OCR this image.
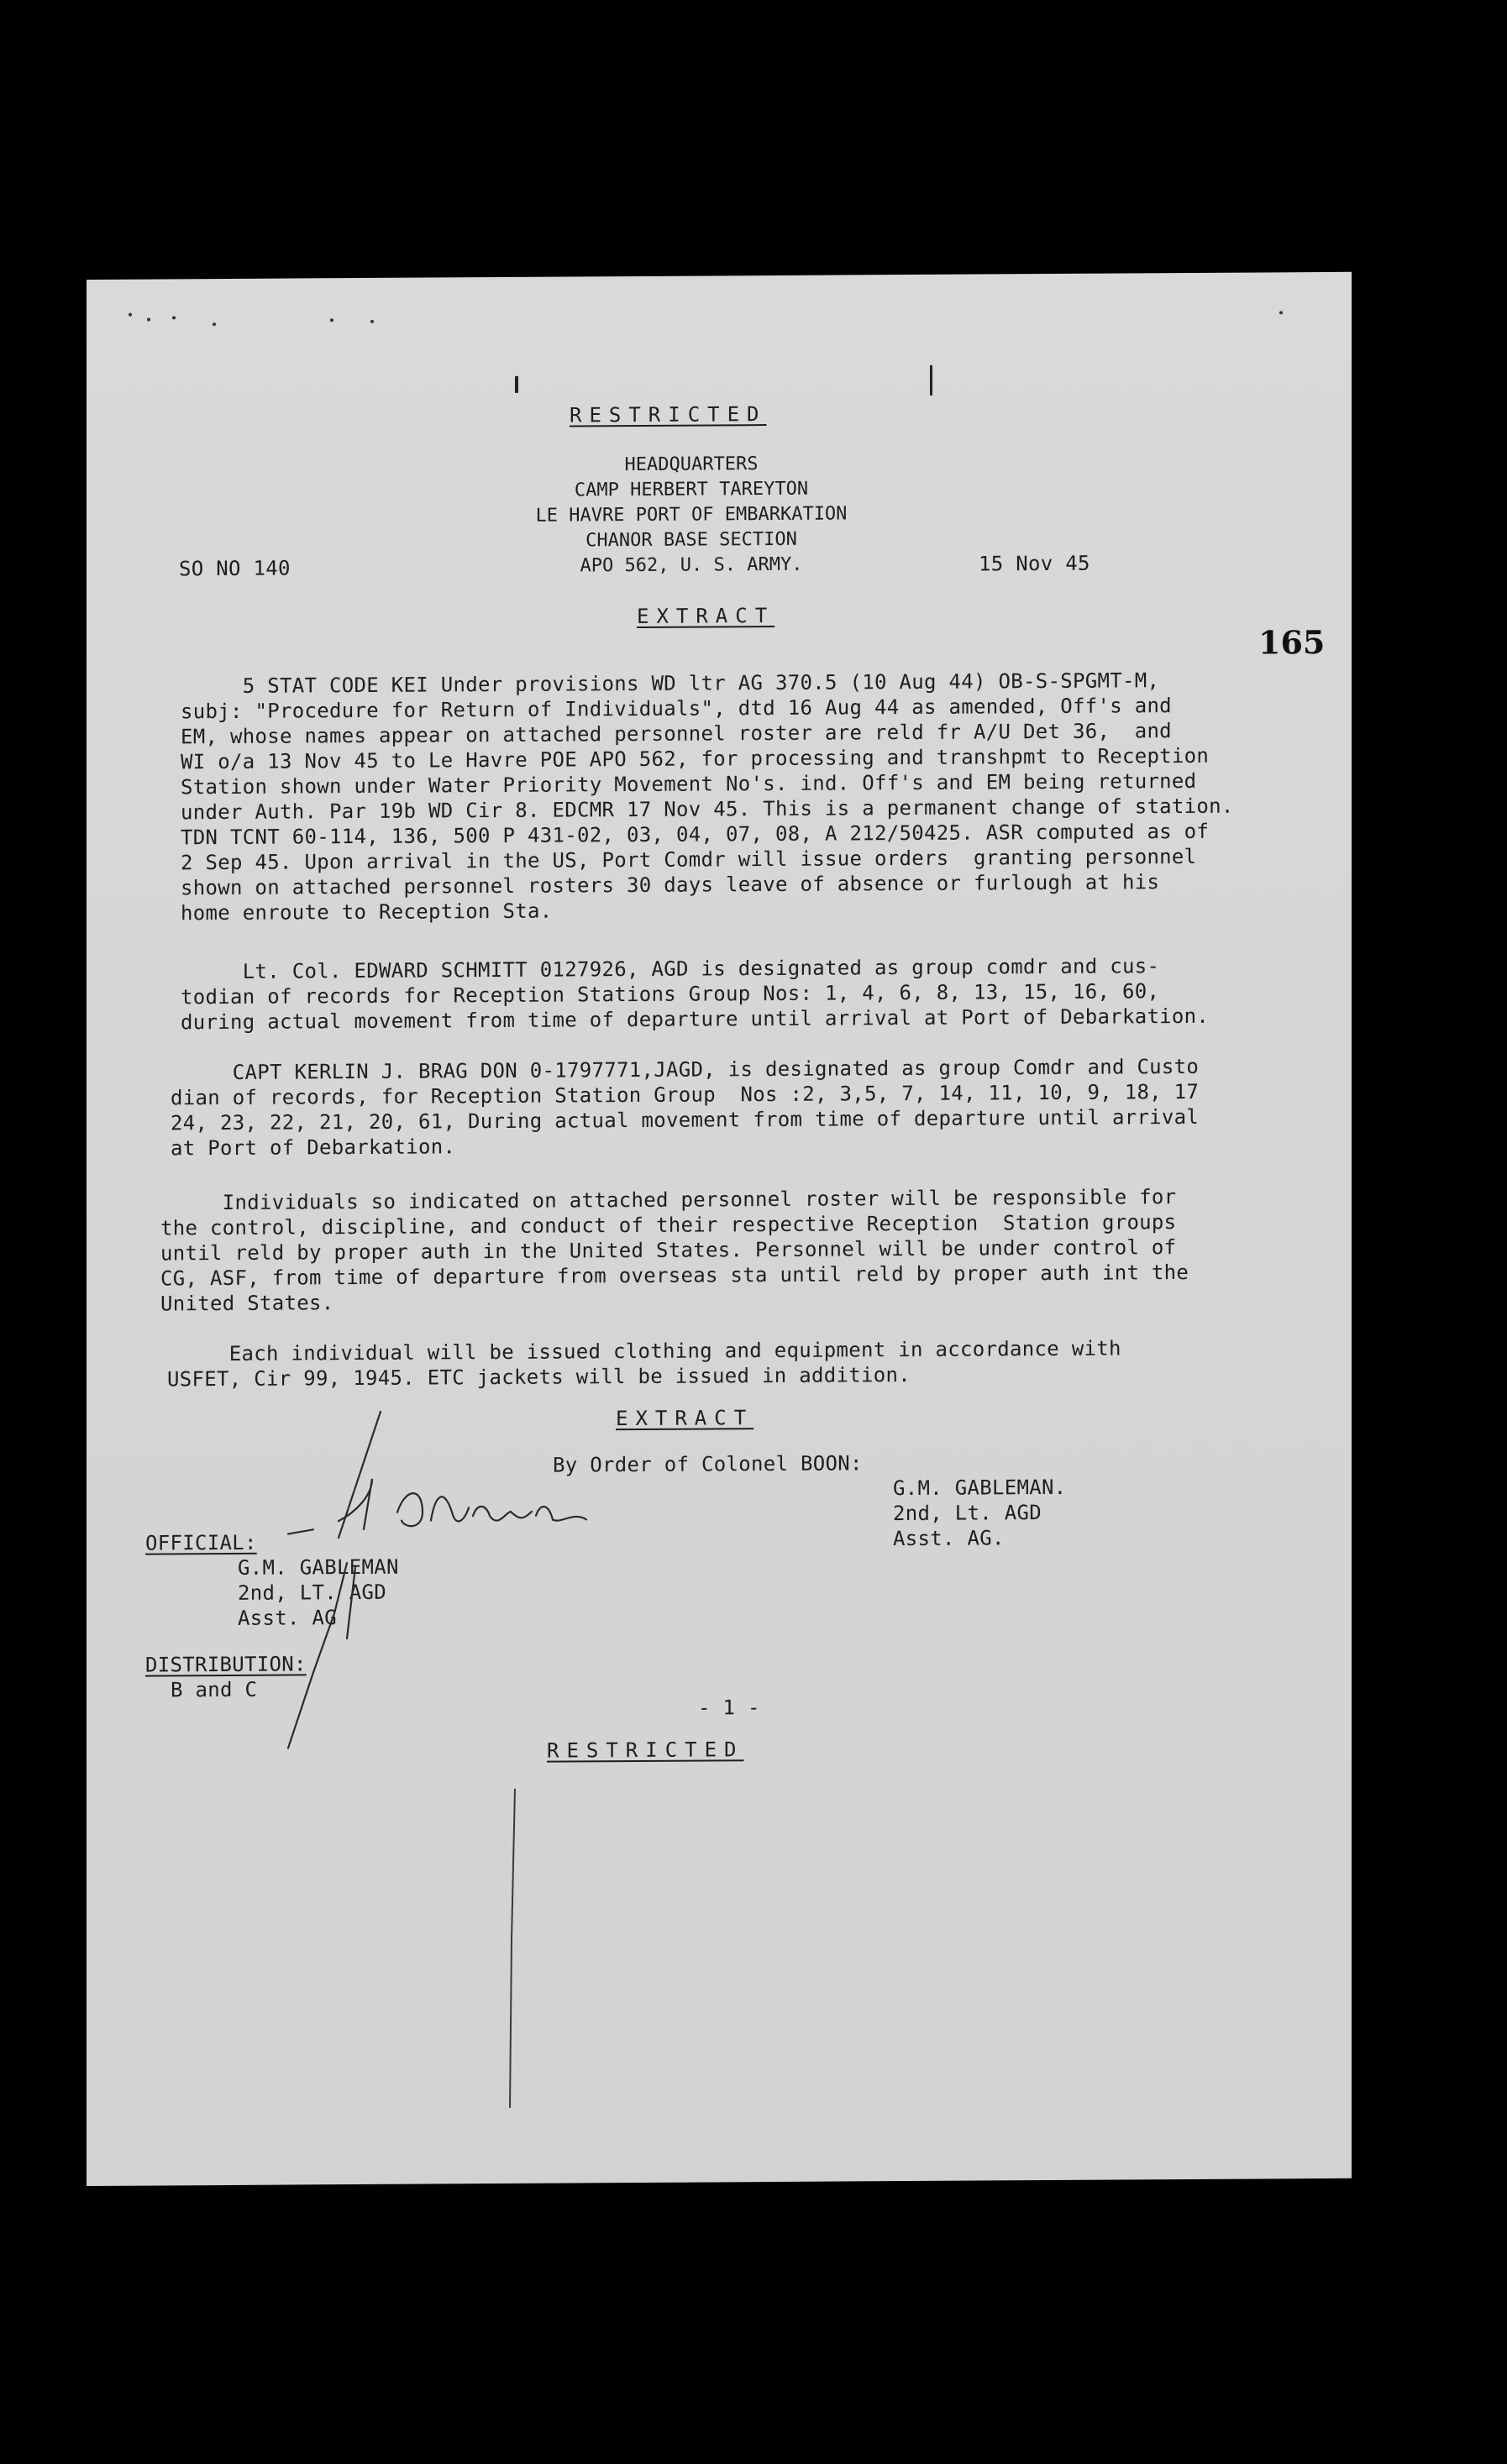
RESTRICTED
HEADQUARTERS
CAMP HERBERT TAREYTON
LE HAVRE PORT OF EMBARKATION
CHANOR BASE SECTION
APO 562, U. S. ARMY.
SO NO 140	15 Nov 45
EXTRACT
165
5 STAT CODE KEI Under provisions WD ltr AG 370.5 (10 Aug 44) OB-S-SPGMT-M,
subj: "Procedure for Return of Individuals", dtd 16 Aug 44 as amended, Off's and
EM, whose names appear on attached personnel roster are reld fr A/U Det 36,  and
WI o/a 13 Nov 45 to Le Havre POE APO 562, for processing and transhpmt to Reception
Station shown under Water Priority Movement No's. ind. Off's and EM being returned
under Auth. Par 19b WD Cir 8. EDCMR 17 Nov 45. This is a permanent change of station.
TDN TCNT 60-114, 136, 500 P 431-02, 03, 04, 07, 08, A 212/50425. ASR computed as of
2 Sep 45. Upon arrival in the US, Port Comdr will issue orders  granting personnel
shown on attached personnel rosters 30 days leave of absence or furlough at his
home enroute to Reception Sta.
Lt. Col. EDWARD SCHMITT 0127926, AGD is designated as group comdr and cus-
todian of records for Reception Stations Group Nos: 1, 4, 6, 8, 13, 15, 16, 60,
during actual movement from time of departure until arrival at Port of Debarkation.
CAPT KERLIN J. BRAG DON 0-1797771,JAGD, is designated as group Comdr and Custo
dian of records, for Reception Station Group  Nos :2, 3,5, 7, 14, 11, 10, 9, 18, 17
24, 23, 22, 21, 20, 61, During actual movement from time of departure until arrival
at Port of Debarkation.
Individuals so indicated on attached personnel roster will be responsible for
the control, discipline, and conduct of their respective Reception  Station groups
until reld by proper auth in the United States. Personnel will be under control of
CG, ASF, from time of departure from overseas sta until reld by proper auth int the
United States.
Each individual will be issued clothing and equipment in accordance with
USFET, Cir 99, 1945. ETC jackets will be issued in addition.
EXTRACT
By Order of Colonel BOON:
G.M. GABLEMAN.
2nd, Lt. AGD
Asst. AG.
OFFICIAL:
G.M. GABLEMAN
2nd, LT. AGD
Asst. AG
DISTRIBUTION:
B and C
- 1 -
RESTRICTED
